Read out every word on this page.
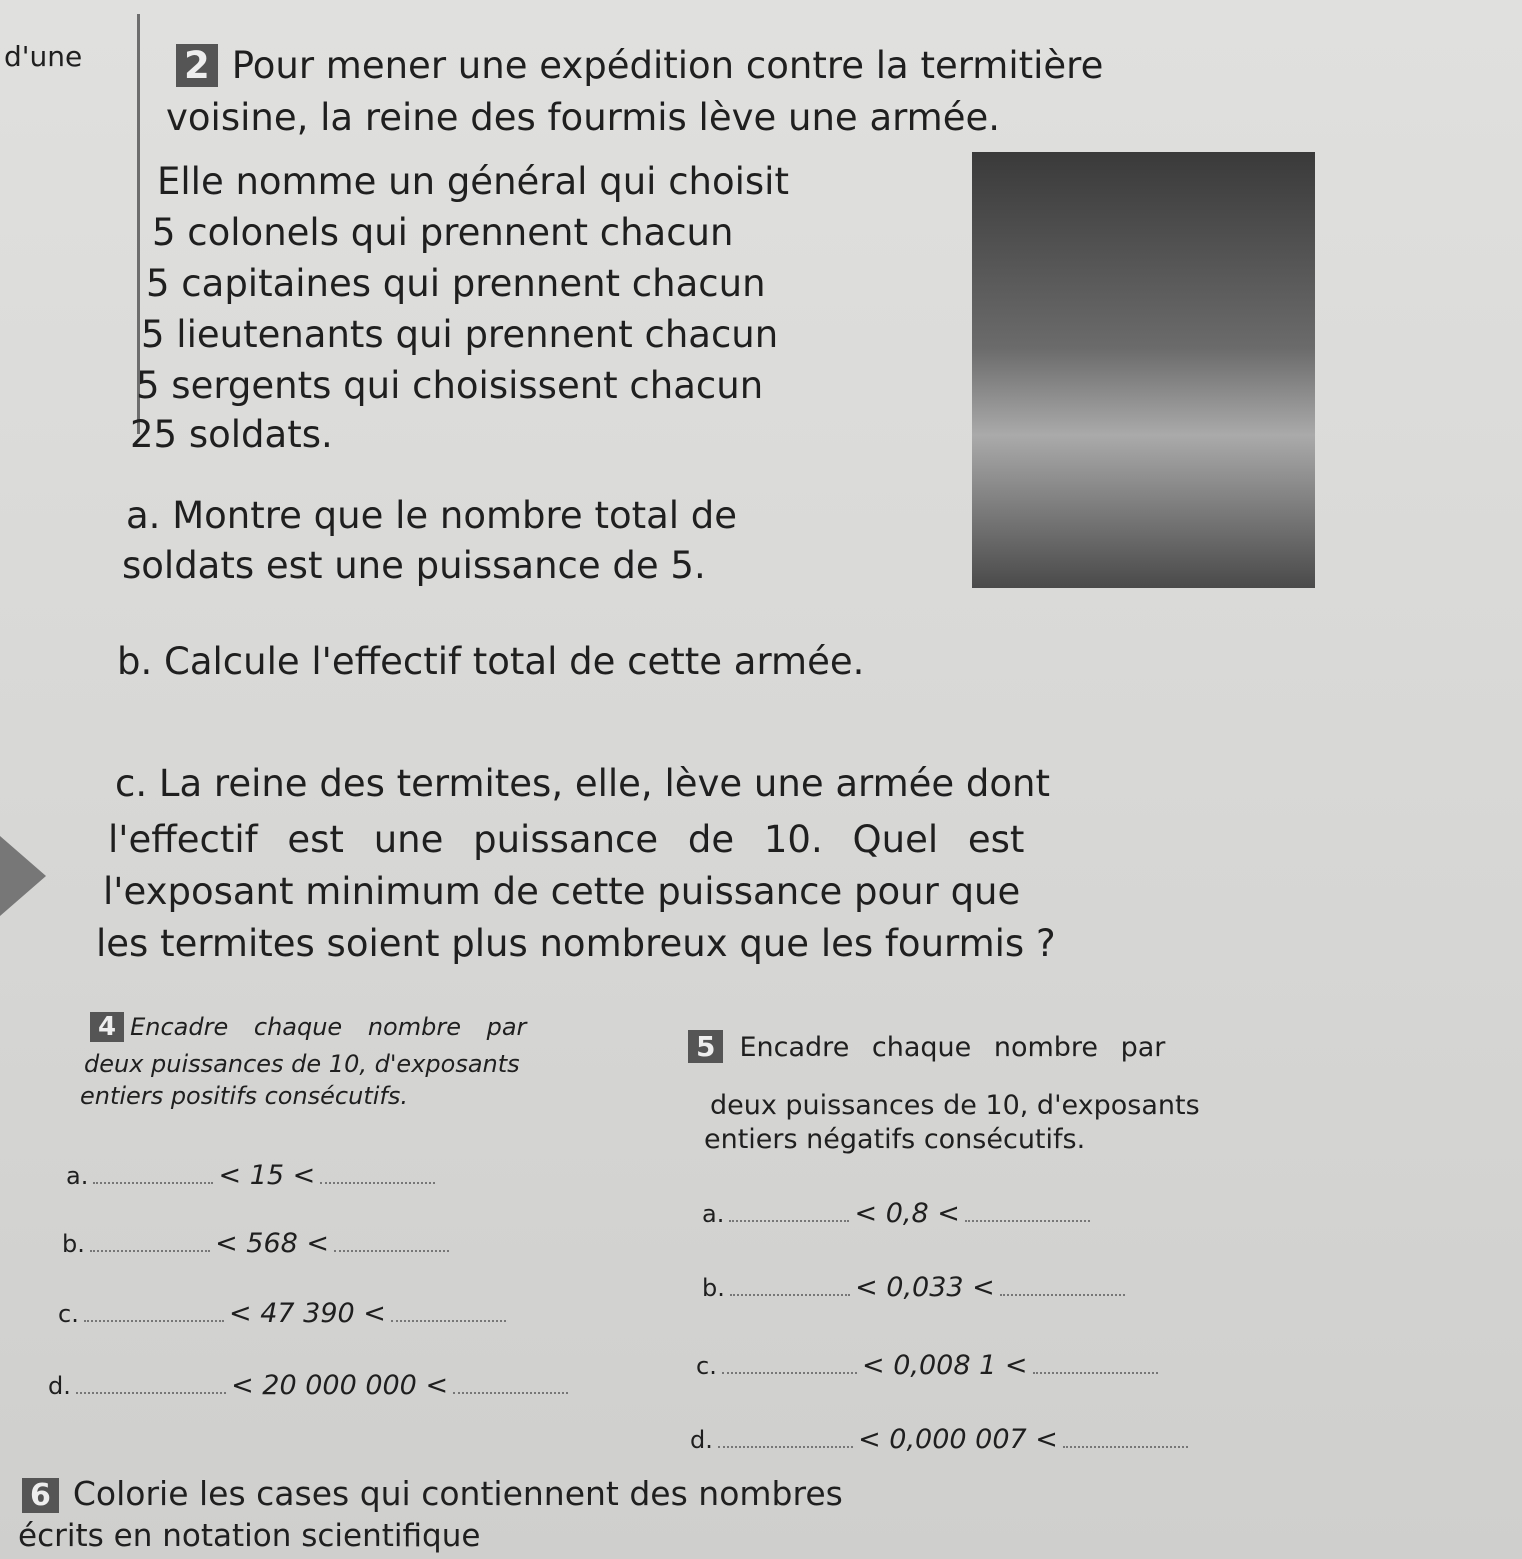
d'une	2 Pour mener une expédition contre la termitière
voisine, la reine des fourmis lève une armée.
Elle nomme un général qui choisit
5 colonels qui prennent chacun
5 capitaines qui prennent chacun
5 lieutenants qui prennent chacun
5 sergents qui choisissent chacun
25 soldats.
a. Montre que le nombre total de
soldats est une puissance de 5.
b. Calcule l'effectif total de cette armée.
c. La reine des termites, elle, lève une armée dont
l'effectif est une puissance de 10. Quel est
l'exposant minimum de cette puissance pour que
les termites soient plus nombreux que les fourmis ?
4 Encadre chaque nombre par
deux puissances de 10, d'exposants
entiers positifs consécutifs.
a.	< 15 <
b.	< 568 <
c.	< 47 390 <
d.	< 20 000 000 <
5 Encadre chaque nombre par
deux puissances de 10, d'exposants
entiers négatifs consécutifs.
a.	< 0,8 <
b.	< 0,033 <
c.	< 0,008 1 <
d.	< 0,000 007 <
6 Colorie les cases qui contiennent des nombres
écrits en notation scientifique
